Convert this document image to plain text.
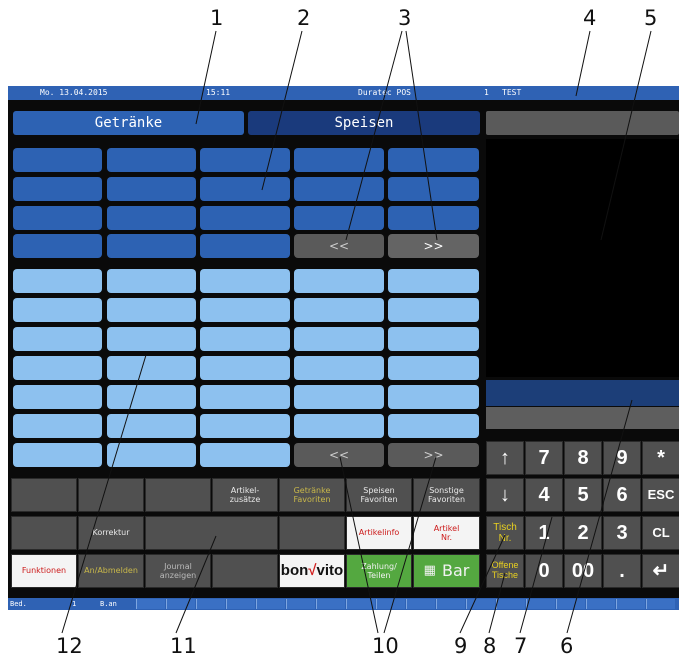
1	2	3	4 5
6
7
8
9
10
11
12
Mo. 13.04.2015	15:11	Duratec POS	1 TEST
Getränke	Speisen
<<	>>
<<	>>
Artikel-
zusätze
Getränke
Favoriten
Speisen
Favoriten
Sonstige
Favoriten
Korrektur	Artikelinfo
Artikel
Nr.
Funktionen	An/Abmelden
Journal
anzeigen	bon √ vito	Zahlung/
Teilen	▦ Bar
↑	7	8	9	*
↓	4	5	6	ESC
Tisch
Nr.	1	2	3	CL
Offene
Tische	0	00	.	↵
Bed.	1	B.an
